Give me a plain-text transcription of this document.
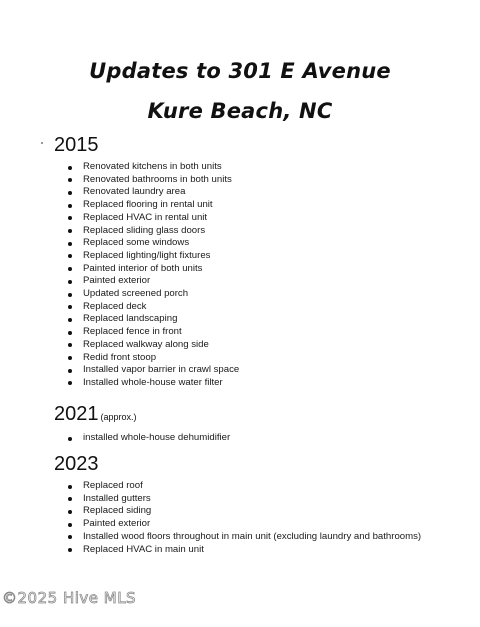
Updates to 301 E Avenue
Kure Beach, NC
2015
Renovated kitchens in both units
Renovated bathrooms in both units
Renovated laundry area
Replaced flooring in rental unit
Replaced HVAC in rental unit
Replaced sliding glass doors
Replaced some windows
Replaced lighting/light fixtures
Painted interior of both units
Painted exterior
Updated screened porch
Replaced deck
Replaced landscaping
Replaced fence in front
Replaced walkway along side
Redid front stoop
Installed vapor barrier in crawl space
Installed whole-house water filter
2021 (approx.)
installed whole-house dehumidifier
2023
Replaced roof
Installed gutters
Replaced siding
Painted exterior
Installed wood floors throughout in main unit (excluding laundry and bathrooms)
Replaced HVAC in main unit
©2025 Hive MLS
